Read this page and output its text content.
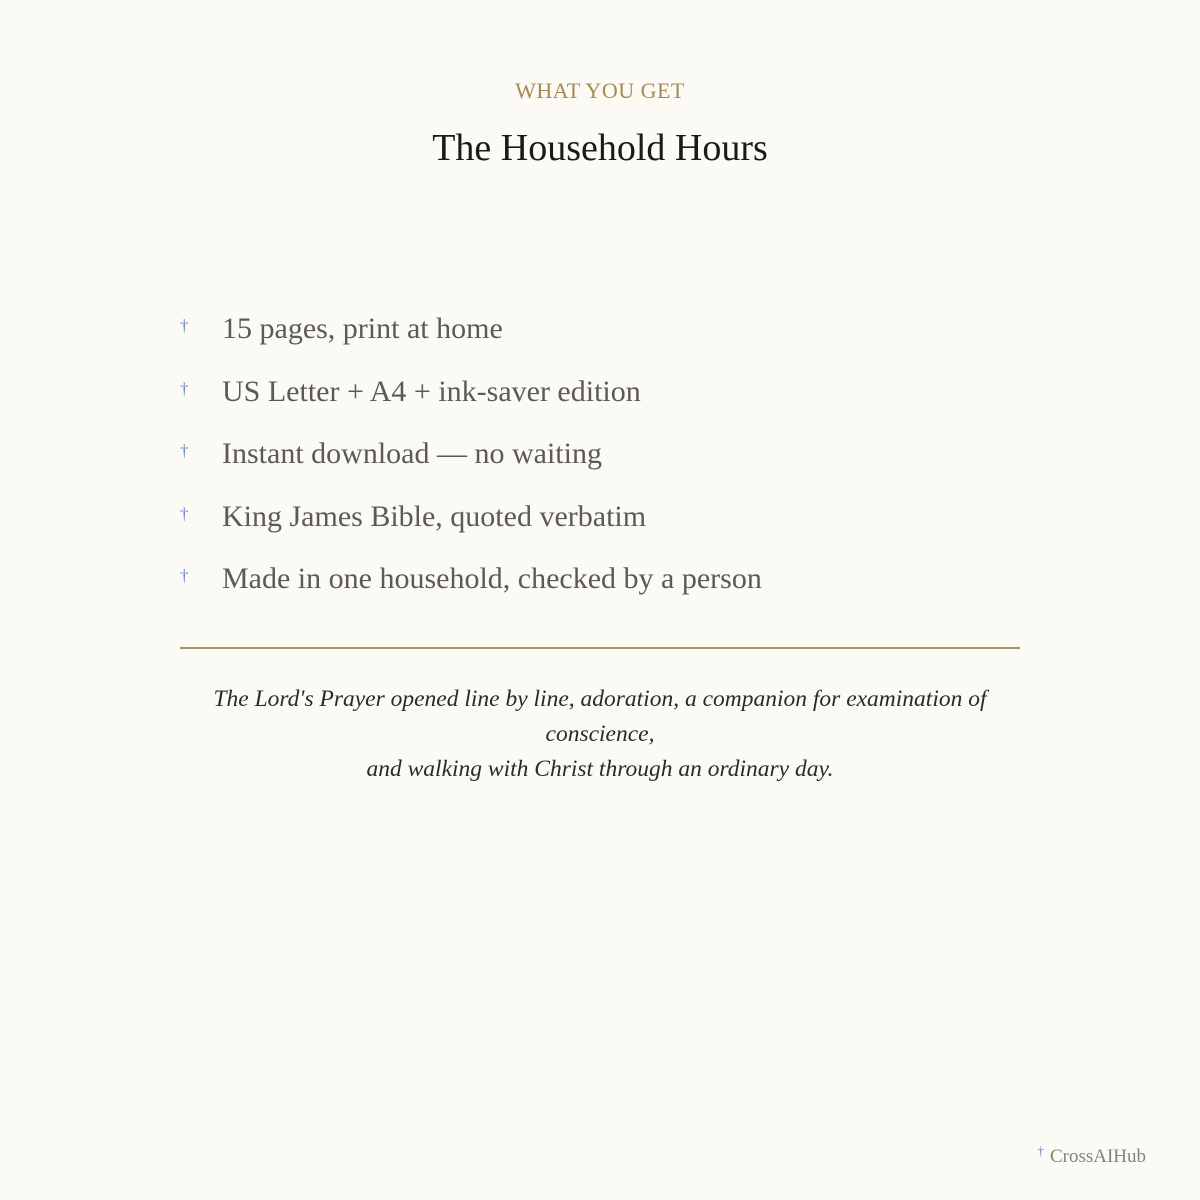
WHAT YOU GET
The Household Hours
† 15 pages, print at home
† US Letter + A4 + ink-saver edition
† Instant download — no waiting
† King James Bible, quoted verbatim
† Made in one household, checked by a person

The Lord's Prayer opened line by line, adoration, a companion for examination of conscience,
and walking with Christ through an ordinary day.

† CrossAIHub
